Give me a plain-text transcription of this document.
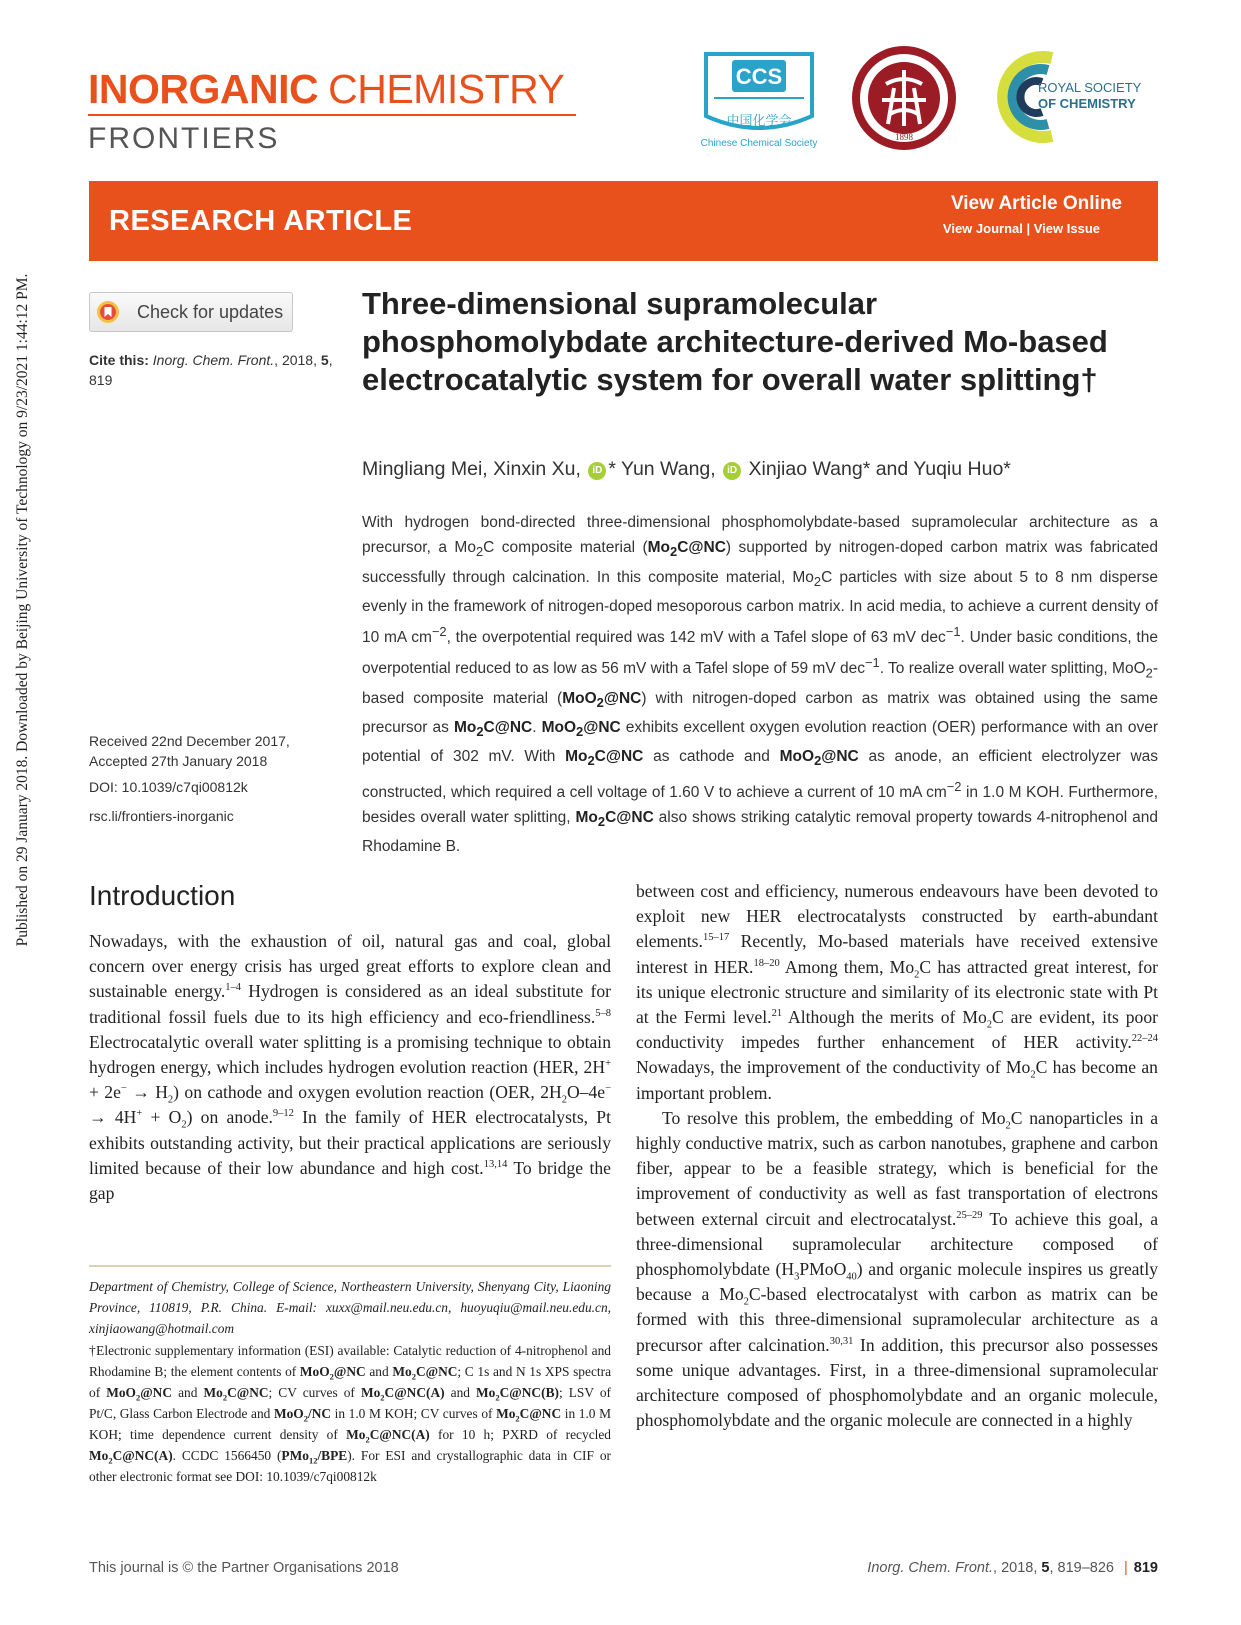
Published on 29 January 2018. Downloaded by Beijing University of Technology on 9/23/2021 1:44:12 PM.
INORGANIC CHEMISTRY
FRONTIERS
CCS
中国化学会
Chinese Chemical Society
1898
ROYAL SOCIETY
OF CHEMISTRY
RESEARCH ARTICLE
View Article Online
View Journal | View Issue
Check for updates
Cite this: Inorg. Chem. Front., 2018, 5, 819
Received 22nd December 2017,
Accepted 27th January 2018
DOI: 10.1039/c7qi00812k
rsc.li/frontiers-inorganic
Three-dimensional supramolecular phosphomolybdate architecture-derived Mo-based electrocatalytic system for overall water splitting†
Mingliang Mei, Xinxin Xu, iD * Yun Wang, iD Xinjiao Wang* and Yuqiu Huo*
With hydrogen bond-directed three-dimensional phosphomolybdate-based supramolecular architecture as a precursor, a $Mo_2C$ composite material $(Mo_2C@NC)$ supported by nitrogen-doped carbon matrix was fabricated successfully through calcination. In this composite material, $Mo_2C$ particles with size about 5 to 8 nm disperse evenly in the framework of nitrogen-doped mesoporous carbon matrix. In acid media, to achieve a current density of 10 mA $cm^{-2}$, the overpotential required was 142 mV with a Tafel slope of 63 mV dec$^{-1}$. Under basic conditions, the overpotential reduced to as low as 56 mV with a Tafel slope of 59 mV dec$^{-1}$. To realize overall water splitting, MoO$_2$-based composite material (MoO$_2$@NC) with nitrogen-doped carbon as matrix was obtained using the same precursor as $Mo_2C@NC$. MoO$_2$@NC exhibits excellent oxygen evolution reaction (OER) performance with an over potential of 302 mV. With $Mo_2C@NC$ as cathode and MoO$_2$@NC as anode, an efficient electrolyzer was constructed, which required a cell voltage of 1.60 V to achieve a current of 10 mA $cm^{-2}$ in 1.0 M KOH. Furthermore, besides overall water splitting, $Mo_2C@NC$ also shows striking catalytic removal property towards 4-nitrophenol and Rhodamine B.
Introduction
Nowadays, with the exhaustion of oil, natural gas and coal, global concern over energy crisis has urged great efforts to explore clean and sustainable energy.$^{1-4}$ Hydrogen is considered as an ideal substitute for traditional fossil fuels due to its high efficiency and eco-friendliness.$^{5-8}$ Electrocatalytic overall water splitting is a promising technique to obtain hydrogen energy, which includes hydrogen evolution reaction (HER, $2H^+ + 2e^- \to H_2$) on cathode and oxygen evolution reaction (OER, $2H_2O-4e^- \to 4H^+ + O_2$) on anode.$^{9-12}$ In the family of HER electrocatalysts, Pt exhibits outstanding activity, but their practical applications are seriously limited because of their low abundance and high cost.$^{13,14}$ To bridge the gap
Department of Chemistry, College of Science, Northeastern University, Shenyang City, Liaoning Province, 110819, P.R. China. E-mail: xuxx@mail.neu.edu.cn, huoyuqiu@mail.neu.edu.cn, xinjiaowang@hotmail.com
†Electronic supplementary information (ESI) available: Catalytic reduction of 4-nitrophenol and Rhodamine B; the element contents of MoO$_2$@NC and $Mo_2C@NC$; C 1s and N 1s XPS spectra of MoO$_2$@NC and $Mo_2C@NC$; CV curves of $Mo_2C@NC(A)$ and $Mo_2C@NC(B)$; LSV of Pt/C, Glass Carbon Electrode and MoO$_2$/NC in 1.0 M KOH; CV curves of $Mo_2C@NC$ in 1.0 M KOH; time dependence current density of $Mo_2C@NC(A)$ for 10 h; PXRD of recycled $Mo_2C@NC(A)$. CCDC 1566450 (PMo$_{12}$/BPE). For ESI and crystallographic data in CIF or other electronic format see DOI: 10.1039/c7qi00812k

between cost and efficiency, numerous endeavours have been devoted to exploit new HER electrocatalysts constructed by earth-abundant elements.$^{15-17}$ Recently, Mo-based materials have received extensive interest in HER.$^{18-20}$ Among them, $Mo_2C$ has attracted great interest, for its unique electronic structure and similarity of its electronic state with Pt at the Fermi level.$^{21}$ Although the merits of $Mo_2C$ are evident, its poor conductivity impedes further enhancement of HER activity.$^{22-24}$ Nowadays, the improvement of the conductivity of $Mo_2C$ has become an important problem.

To resolve this problem, the embedding of $Mo_2C$ nanoparticles in a highly conductive matrix, such as carbon nanotubes, graphene and carbon fiber, appear to be a feasible strategy, which is beneficial for the improvement of conductivity as well as fast transportation of electrons between external circuit and electrocatalyst.$^{25-29}$ To achieve this goal, a three-dimensional supramolecular architecture composed of phosphomolybdate $(H_3PMoO_{40})$ and organic molecule inspires us greatly because a $Mo_2C$-based electrocatalyst with carbon as matrix can be formed with this three-dimensional supramolecular architecture as a precursor after calcination.$^{30,31}$ In addition, this precursor also possesses some unique advantages. First, in a three-dimensional supramolecular architecture composed of phosphomolybdate and an organic molecule, phosphomolybdate and the organic molecule are connected in a highly

This journal is © the Partner Organisations 2018	Inorg. Chem. Front., 2018, 5, 819–826 | 819
